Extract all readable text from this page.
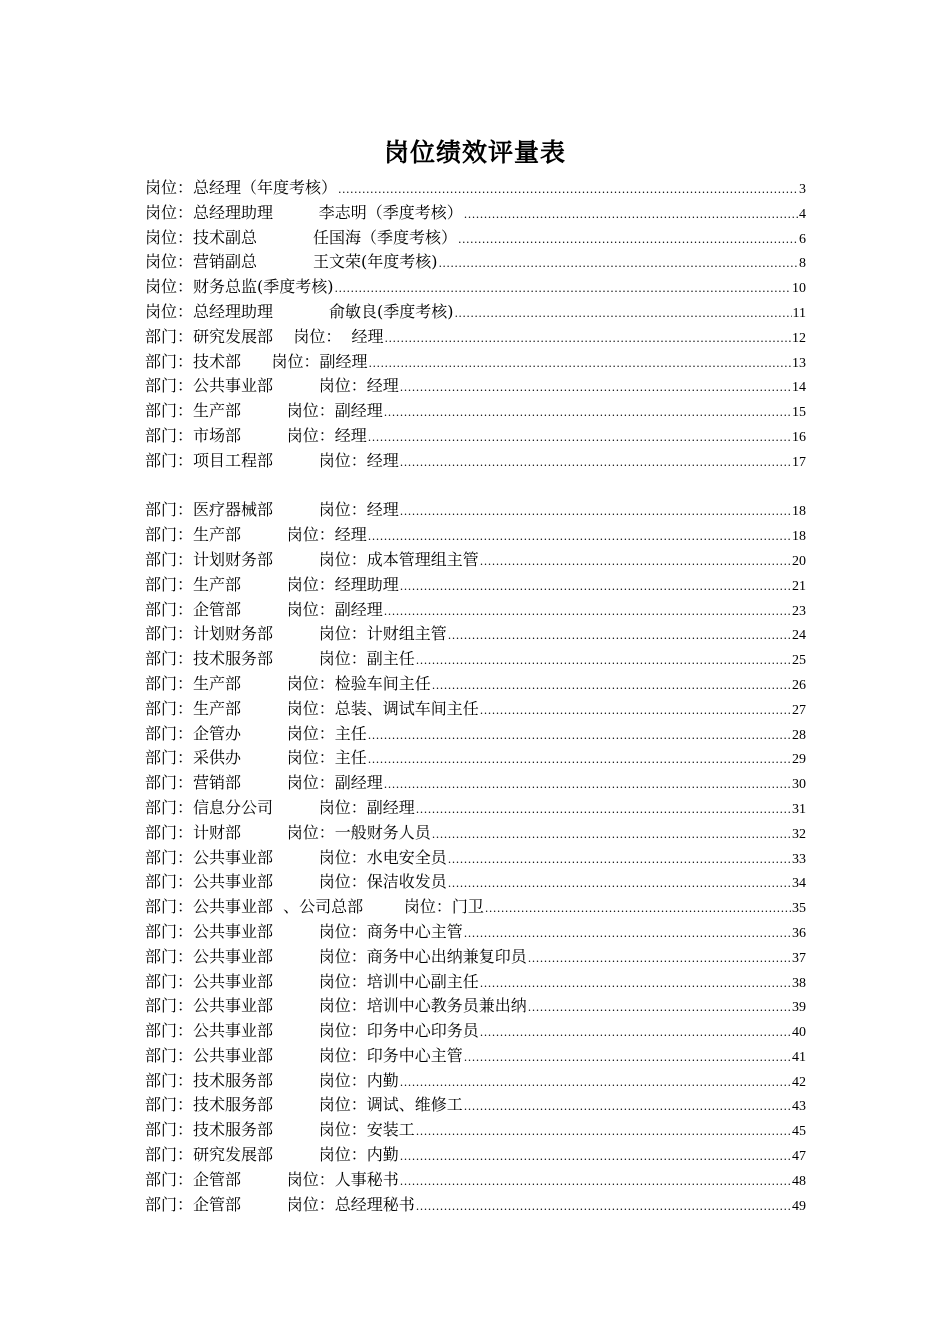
岗位绩效评量表
岗位：总经理（年度考核） .....	3
岗位：总经理助理         李志明（季度考核） .....	4
岗位：技术副总           任国海（季度考核） .....	6
岗位：营销副总           王文荣(年度考核) .....	8
岗位：财务总监(季度考核) .....	10
岗位：总经理助理           俞敏良(季度考核) .....	11
部门：研究发展部    岗位：  经理 .....	12
部门：技术部      岗位：副经理 .....	13
部门：公共事业部         岗位：经理 .....	14
部门：生产部         岗位：副经理 .....	15
部门：市场部         岗位：经理 .....	16
部门：项目工程部         岗位：经理 .....	17
部门：医疗器械部         岗位：经理 .....	18
部门：生产部         岗位：经理 .....	18
部门：计划财务部         岗位：成本管理组主管 .....	20
部门：生产部         岗位：经理助理 .....	21
部门：企管部         岗位：副经理 .....	23
部门：计划财务部         岗位：计财组主管 .....	24
部门：技术服务部         岗位：副主任 .....	25
部门：生产部         岗位：检验车间主任 .....	26
部门：生产部         岗位：总装、调试车间主任 .....	27
部门：企管办         岗位：主任 .....	28
部门：采供办         岗位：主任 .....	29
部门：营销部         岗位：副经理 .....	30
部门：信息分公司         岗位：副经理 .....	31
部门：计财部         岗位：一般财务人员 .....	32
部门：公共事业部         岗位：水电安全员 .....	33
部门：公共事业部         岗位：保洁收发员 .....	34
部门：公共事业部  、公司总部        岗位：门卫 .....	35
部门：公共事业部         岗位：商务中心主管 .....	36
部门：公共事业部         岗位：商务中心出纳兼复印员 .....	37
部门：公共事业部         岗位：培训中心副主任 .....	38
部门：公共事业部         岗位：培训中心教务员兼出纳 .....	39
部门：公共事业部         岗位：印务中心印务员 .....	40
部门：公共事业部         岗位：印务中心主管 .....	41
部门：技术服务部         岗位：内勤 .....	42
部门：技术服务部         岗位：调试、维修工 .....	43
部门：技术服务部         岗位：安装工 .....	45
部门：研究发展部         岗位：内勤 .....	47
部门：企管部         岗位：人事秘书 .....	48
部门：企管部         岗位：总经理秘书 .....	49
